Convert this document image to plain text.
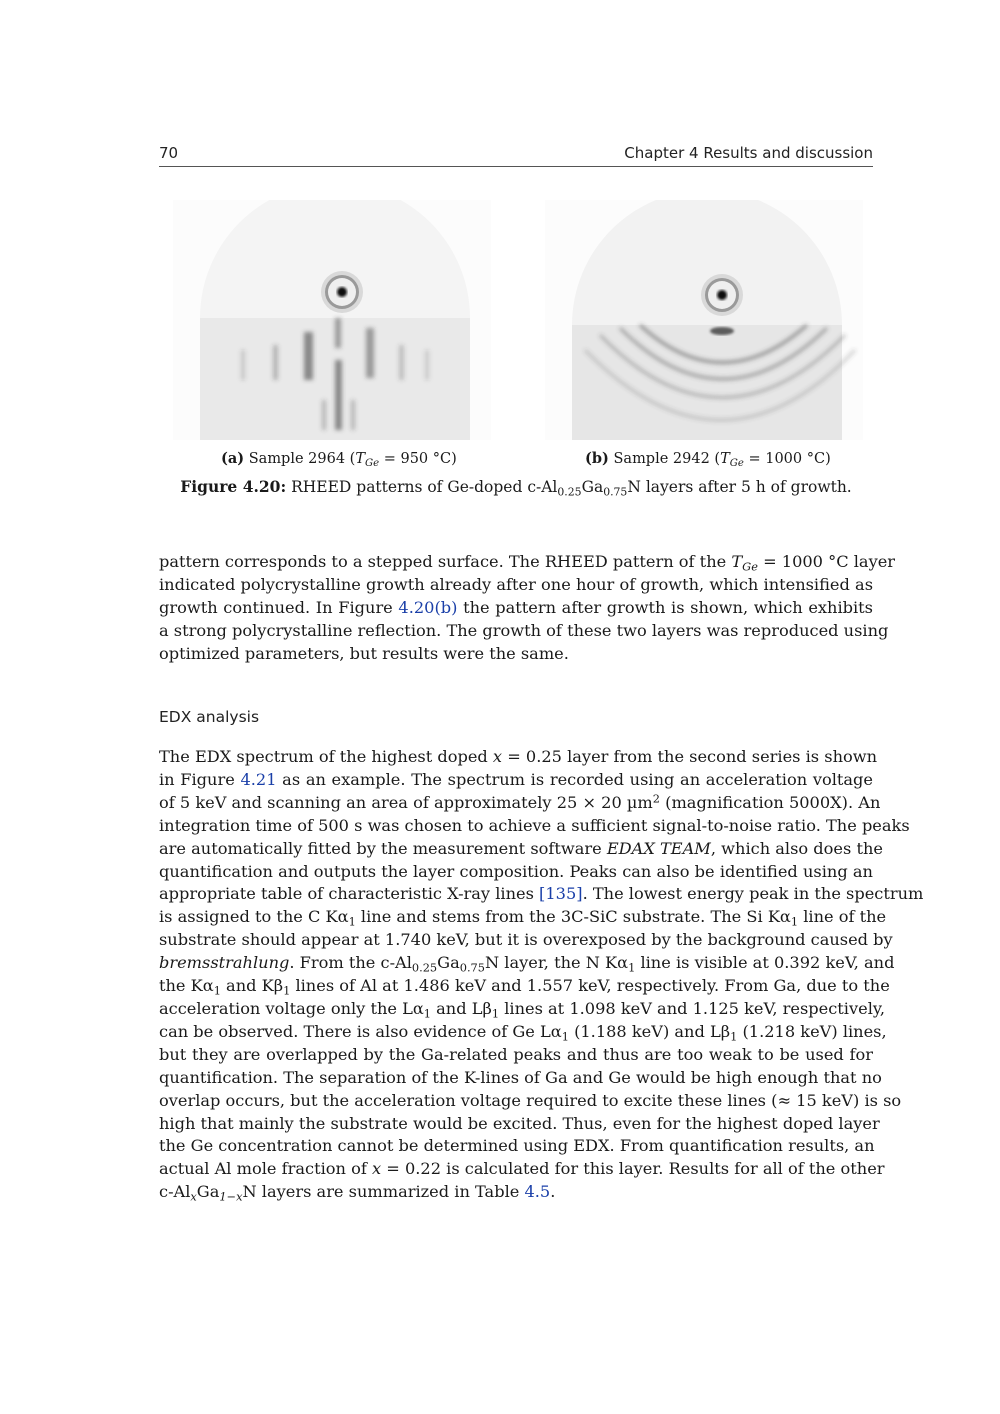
70	Chapter 4 Results and discussion
(a) Sample 2964 ($T_{Ge} = 950$ °C)	(b) Sample 2942 ($T_{Ge} = 1000$ °C)
Figure 4.20: RHEED patterns of Ge-doped $c-Al_{0.25}Ga_{0.75}N$ layers after 5 h of growth.

pattern corresponds to a stepped surface. The RHEED pattern of the $T_{Ge} = 1000$ °C layer
indicated polycrystalline growth already after one hour of growth, which intensified as
growth continued. In Figure 4.20(b) the pattern after growth is shown, which exhibits
a strong polycrystalline reflection. The growth of these two layers was reproduced using
optimized parameters, but results were the same.

EDX analysis

The EDX spectrum of the highest doped x = 0.25 layer from the second series is shown
in Figure 4.21 as an example. The spectrum is recorded using an acceleration voltage
of 5 keV and scanning an area of approximately 25 × 20 µm$^2$ (magnification 5000X). An
integration time of 500 s was chosen to achieve a sufficient signal-to-noise ratio. The peaks
are automatically fitted by the measurement software EDAX TEAM, which also does the
quantification and outputs the layer composition. Peaks can also be identified using an
appropriate table of characteristic X-ray lines [135]. The lowest energy peak in the spectrum
is assigned to the C $K\alpha_1$ line and stems from the 3C-SiC substrate. The Si $K\alpha_1$ line of the
substrate should appear at 1.740 keV, but it is overexposed by the background caused by
bremsstrahlung. From the $c-Al_{0.25}Ga_{0.75}N$ layer, the N $K\alpha_1$ line is visible at 0.392 keV, and
the $K\alpha_1$ and $K\beta_1$ lines of Al at 1.486 keV and 1.557 keV, respectively. From Ga, due to the
acceleration voltage only the $L\alpha_1$ and $L\beta_1$ lines at 1.098 keV and 1.125 keV, respectively,
can be observed. There is also evidence of Ge $L\alpha_1$ (1.188 keV) and $L\beta_1$ (1.218 keV) lines,
but they are overlapped by the Ga-related peaks and thus are too weak to be used for
quantification. The separation of the K-lines of Ga and Ge would be high enough that no
overlap occurs, but the acceleration voltage required to excite these lines (≈ 15 keV) is so
high that mainly the substrate would be excited. Thus, even for the highest doped layer
the Ge concentration cannot be determined using EDX. From quantification results, an
actual Al mole fraction of x = 0.22 is calculated for this layer. Results for all of the other
$c-Al_xGa_{1-x}N$ layers are summarized in Table 4.5.
